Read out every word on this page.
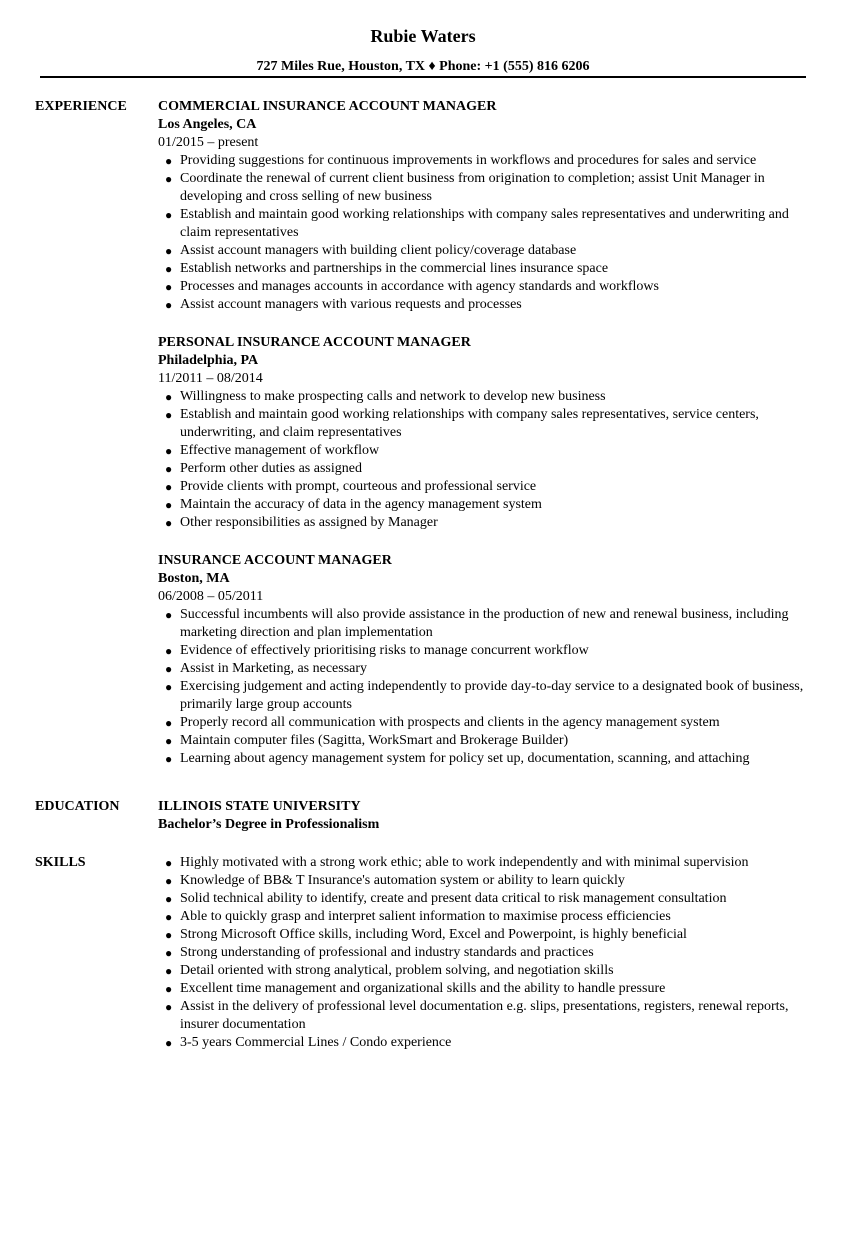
Rubie Waters
727 Miles Rue, Houston, TX ♦ Phone: +1 (555) 816 6206
EXPERIENCE	COMMERCIAL INSURANCE ACCOUNT MANAGER
Los Angeles, CA
01/2015 – present
● Providing suggestions for continuous improvements in workflows and procedures for sales and service
● Coordinate the renewal of current client business from origination to completion; assist Unit Manager in developing and cross selling of new business
● Establish and maintain good working relationships with company sales representatives and underwriting and claim representatives
● Assist account managers with building client policy/coverage database
● Establish networks and partnerships in the commercial lines insurance space
● Processes and manages accounts in accordance with agency standards and workflows
● Assist account managers with various requests and processes
PERSONAL INSURANCE ACCOUNT MANAGER
Philadelphia, PA
11/2011 – 08/2014
● Willingness to make prospecting calls and network to develop new business
● Establish and maintain good working relationships with company sales representatives, service centers, underwriting, and claim representatives
● Effective management of workflow
● Perform other duties as assigned
● Provide clients with prompt, courteous and professional service
● Maintain the accuracy of data in the agency management system
● Other responsibilities as assigned by Manager
INSURANCE ACCOUNT MANAGER
Boston, MA
06/2008 – 05/2011
● Successful incumbents will also provide assistance in the production of new and renewal business, including marketing direction and plan implementation
● Evidence of effectively prioritising risks to manage concurrent workflow
● Assist in Marketing, as necessary
● Exercising judgement and acting independently to provide day-to-day service to a designated book of business, primarily large group accounts
● Properly record all communication with prospects and clients in the agency management system
● Maintain computer files (Sagitta, WorkSmart and Brokerage Builder)
● Learning about agency management system for policy set up, documentation, scanning, and attaching
EDUCATION	ILLINOIS STATE UNIVERSITY
Bachelor’s Degree in Professionalism
SKILLS	● Highly motivated with a strong work ethic; able to work independently and with minimal supervision
● Knowledge of BB& T Insurance's automation system or ability to learn quickly
● Solid technical ability to identify, create and present data critical to risk management consultation
● Able to quickly grasp and interpret salient information to maximise process efficiencies
● Strong Microsoft Office skills, including Word, Excel and Powerpoint, is highly beneficial
● Strong understanding of professional and industry standards and practices
● Detail oriented with strong analytical, problem solving, and negotiation skills
● Excellent time management and organizational skills and the ability to handle pressure
● Assist in the delivery of professional level documentation e.g. slips, presentations, registers, renewal reports, insurer documentation
● 3-5 years Commercial Lines / Condo experience
